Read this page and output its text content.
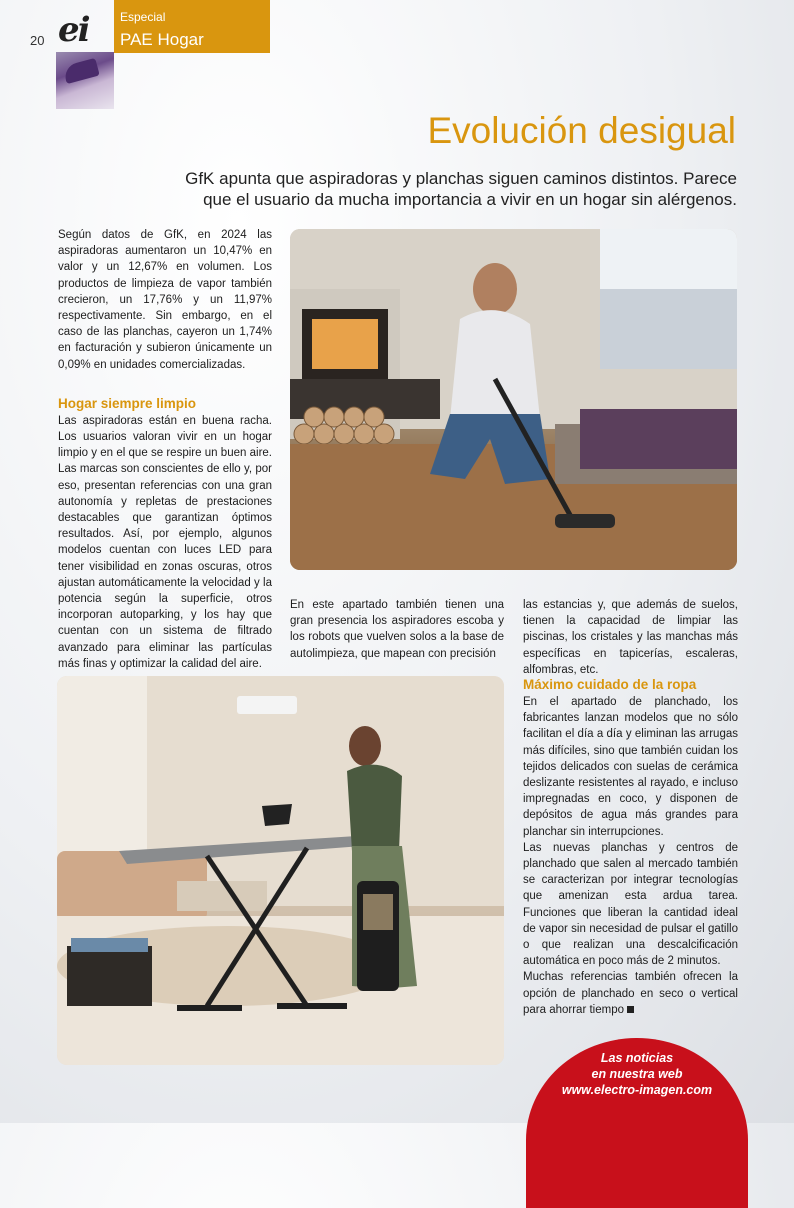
20 ei	Especial
PAE Hogar
Evolución desigual
GfK apunta que aspiradoras y planchas siguen caminos distintos. Parece que el usuario da mucha importancia a vivir en un hogar sin alérgenos.

Según datos de GfK, en 2024 las aspiradoras aumentaron un 10,47% en valor y un 12,67% en volumen. Los productos de limpieza de vapor también crecieron, un 17,76% y un 11,97% respectivamente. Sin embargo, en el caso de las planchas, cayeron un 1,74% en facturación y subieron únicamente un 0,09% en unidades comercializadas.

Hogar siempre limpio

Las aspiradoras están en buena racha. Los usuarios valoran vivir en un hogar limpio y en el que se respire un buen aire. Las marcas son conscientes de ello y, por eso, presentan referencias con una gran autonomía y repletas de prestaciones destacables que garantizan óptimos resultados. Así, por ejemplo, algunos modelos cuentan con luces LED para tener visibilidad en zonas oscuras, otros ajustan automáticamente la velocidad y la potencia según la superficie, otros incorporan autoparking, y los hay que cuentan con un sistema de filtrado avanzado para eliminar las partículas más finas y optimizar la calidad del aire.

En este apartado también tienen una gran presencia los aspiradores escoba y los robots que vuelven solos a la base de autolimpieza, que mapean con precisión

las estancias y, que además de suelos, tienen la capacidad de limpiar las piscinas, los cristales y las manchas más específicas en tapicerías, escaleras, alfombras, etc.

Máximo cuidado de la ropa

En el apartado de planchado, los fabricantes lanzan modelos que no sólo facilitan el día a día y eliminan las arrugas más difíciles, sino que también cuidan los tejidos delicados con suelas de cerámica deslizante resistentes al rayado, e incluso impregnadas en coco, y disponen de depósitos de agua más grandes para planchar sin interrupciones.

Las nuevas planchas y centros de planchado que salen al mercado también se caracterizan por integrar tecnologías que amenizan esta ardua tarea. Funciones que liberan la cantidad ideal de vapor sin necesidad de pulsar el gatillo o que realizan una descalcificación automática en poco más de 2 minutos.

Muchas referencias también ofrecen la opción de planchado en seco o vertical para ahorrar tiempo

Las noticias
en nuestra web
www.electro-imagen.com
